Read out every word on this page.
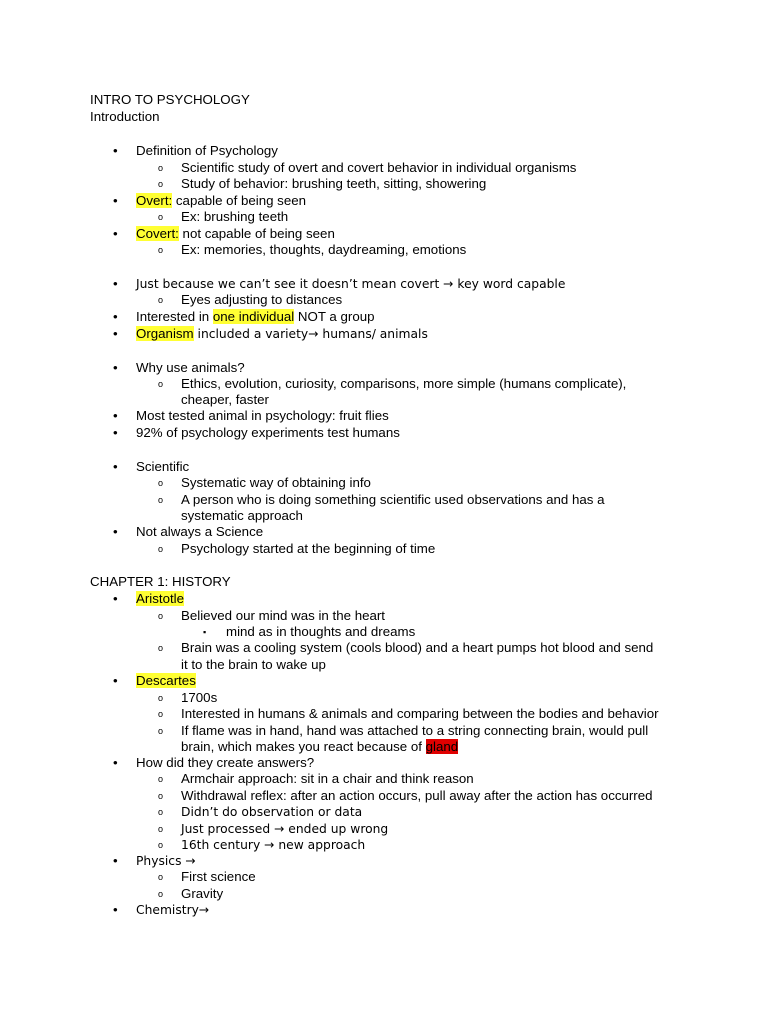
INTRO TO PSYCHOLOGY
Introduction
• Definition of Psychology
o Scientific study of overt and covert behavior in individual organisms
o Study of behavior: brushing teeth, sitting, showering
• Overt: capable of being seen
o Ex: brushing teeth
• Covert: not capable of being seen
o Ex: memories, thoughts, daydreaming, emotions
• Just because we can’t see it doesn’t mean covert → key word capable
o Eyes adjusting to distances
• Interested in one individual NOT a group
• Organism included a variety→ humans/ animals
• Why use animals?
o Ethics, evolution, curiosity, comparisons, more simple (humans complicate),
cheaper, faster
• Most tested animal in psychology: fruit flies
• 92% of psychology experiments test humans
• Scientific
o Systematic way of obtaining info
o A person who is doing something scientific used observations and has a
systematic approach
• Not always a Science
o Psychology started at the beginning of time
CHAPTER 1: HISTORY
• Aristotle
o Believed our mind was in the heart
▪ mind as in thoughts and dreams
o Brain was a cooling system (cools blood) and a heart pumps hot blood and send
it to the brain to wake up
• Descartes
o 1700s
o Interested in humans & animals and comparing between the bodies and behavior
o If flame was in hand, hand was attached to a string connecting brain, would pull
brain, which makes you react because of gland
• How did they create answers?
o Armchair approach: sit in a chair and think reason
o Withdrawal reflex: after an action occurs, pull away after the action has occurred
o Didn’t do observation or data
o Just processed → ended up wrong
o 16th century → new approach
• Physics →
o First science
o Gravity
• Chemistry→
